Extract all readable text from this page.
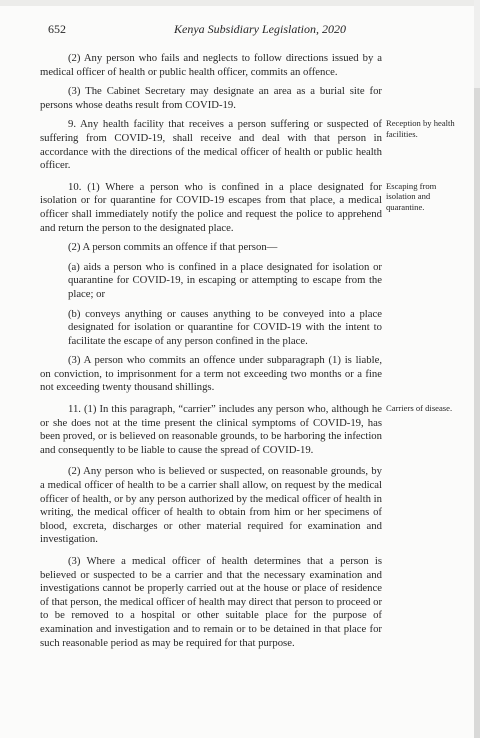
652	Kenya Subsidiary Legislation, 2020

(2) Any person who fails and neglects to follow directions issued by a medical officer of health or public health officer, commits an offence.

(3) The Cabinet Secretary may designate an area as a burial site for persons whose deaths result from COVID-19.

9. Any health facility that receives a person suffering or suspected of suffering from COVID-19, shall receive and deal with that person in accordance with the directions of the medical officer of health or public health officer.
Reception by health facilities.

10. (1) Where a person who is confined in a place designated for isolation or for quarantine for COVID-19 escapes from that place, a medical officer shall immediately notify the police and request the police to apprehend and return the person to the designated place.
Escaping from isolation and quarantine.

(2) A person commits an offence if that person—

(a) aids a person who is confined in a place designated for isolation or quarantine for COVID-19, in escaping or attempting to escape from the place; or

(b) conveys anything or causes anything to be conveyed into a place designated for isolation or quarantine for COVID-19 with the intent to facilitate the escape of any person confined in the place.

(3) A person who commits an offence under subparagraph (1) is liable, on conviction, to imprisonment for a term not exceeding two months or a fine not exceeding twenty thousand shillings.

11. (1) In this paragraph, “carrier” includes any person who, although he or she does not at the time present the clinical symptoms of COVID-19, has been proved, or is believed on reasonable grounds, to be harboring the infection and consequently to be liable to cause the spread of COVID-19.
Carriers of disease.

(2) Any person who is believed or suspected, on reasonable grounds, by a medical officer of health to be a carrier shall allow, on request by the medical officer of health, or by any person authorized by the medical officer of health in writing, the medical officer of health to obtain from him or her specimens of blood, excreta, discharges or other material required for examination and investigation.

(3) Where a medical officer of health determines that a person is believed or suspected to be a carrier and that the necessary examination and investigations cannot be properly carried out at the house or place of residence of that person, the medical officer of health may direct that person to proceed or to be removed to a hospital or other suitable place for the purpose of examination and investigation and to remain or to be detained in that place for such reasonable period as may be required for that purpose.
